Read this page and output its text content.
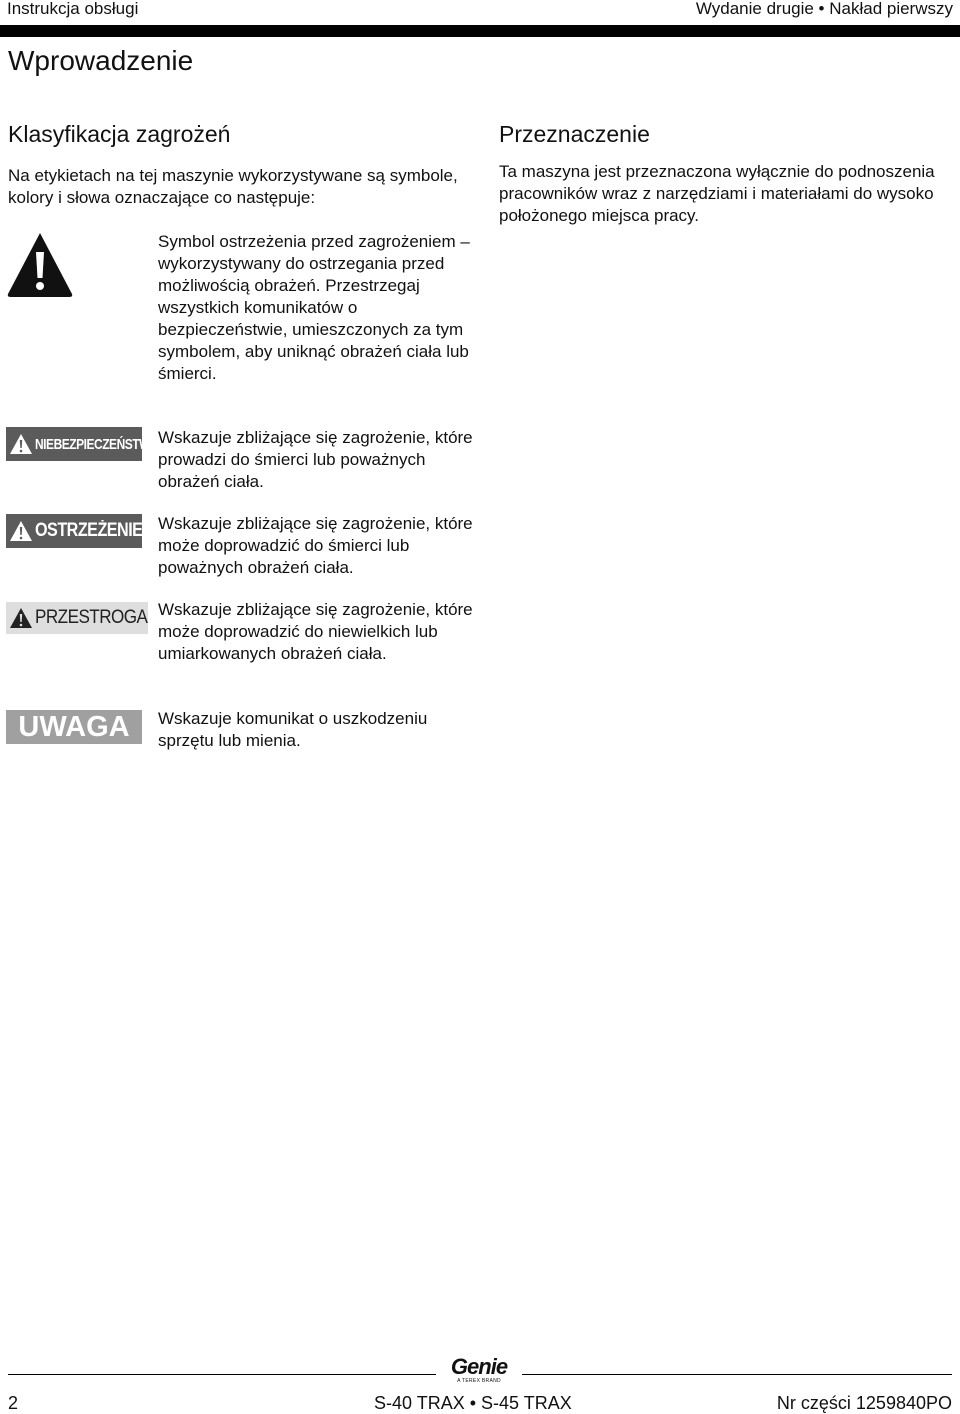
Instrukcja obsługi	Wydanie drugie • Nakład pierwszy
Wprowadzenie
Klasyfikacja zagrożeń

Na etykietach na tej maszynie wykorzystywane są symbole, kolory i słowa oznaczające co następuje:

Symbol ostrzeżenia przed zagrożeniem – wykorzystywany do ostrzegania przed możliwością obrażeń. Przestrzegaj wszystkich komunikatów o bezpieczeństwie, umieszczonych za tym symbolem, aby uniknąć obrażeń ciała lub śmierci.

NIEBEZPIECZEŃSTWO Wskazuje zbliżające się zagrożenie, które prowadzi do śmierci lub poważnych obrażeń ciała.

OSTRZEŻENIE Wskazuje zbliżające się zagrożenie, które może doprowadzić do śmierci lub poważnych obrażeń ciała.

PRZESTROGA Wskazuje zbliżające się zagrożenie, które może doprowadzić do niewielkich lub umiarkowanych obrażeń ciała.

UWAGA Wskazuje komunikat o uszkodzeniu sprzętu lub mienia.

Przeznaczenie

Ta maszyna jest przeznaczona wyłącznie do podnoszenia pracowników wraz z narzędziami i materiałami do wysoko położonego miejsca pracy.

Genie
A TEREX BRAND
2	S-40 TRAX • S-45 TRAX	Nr części 1259840PO
